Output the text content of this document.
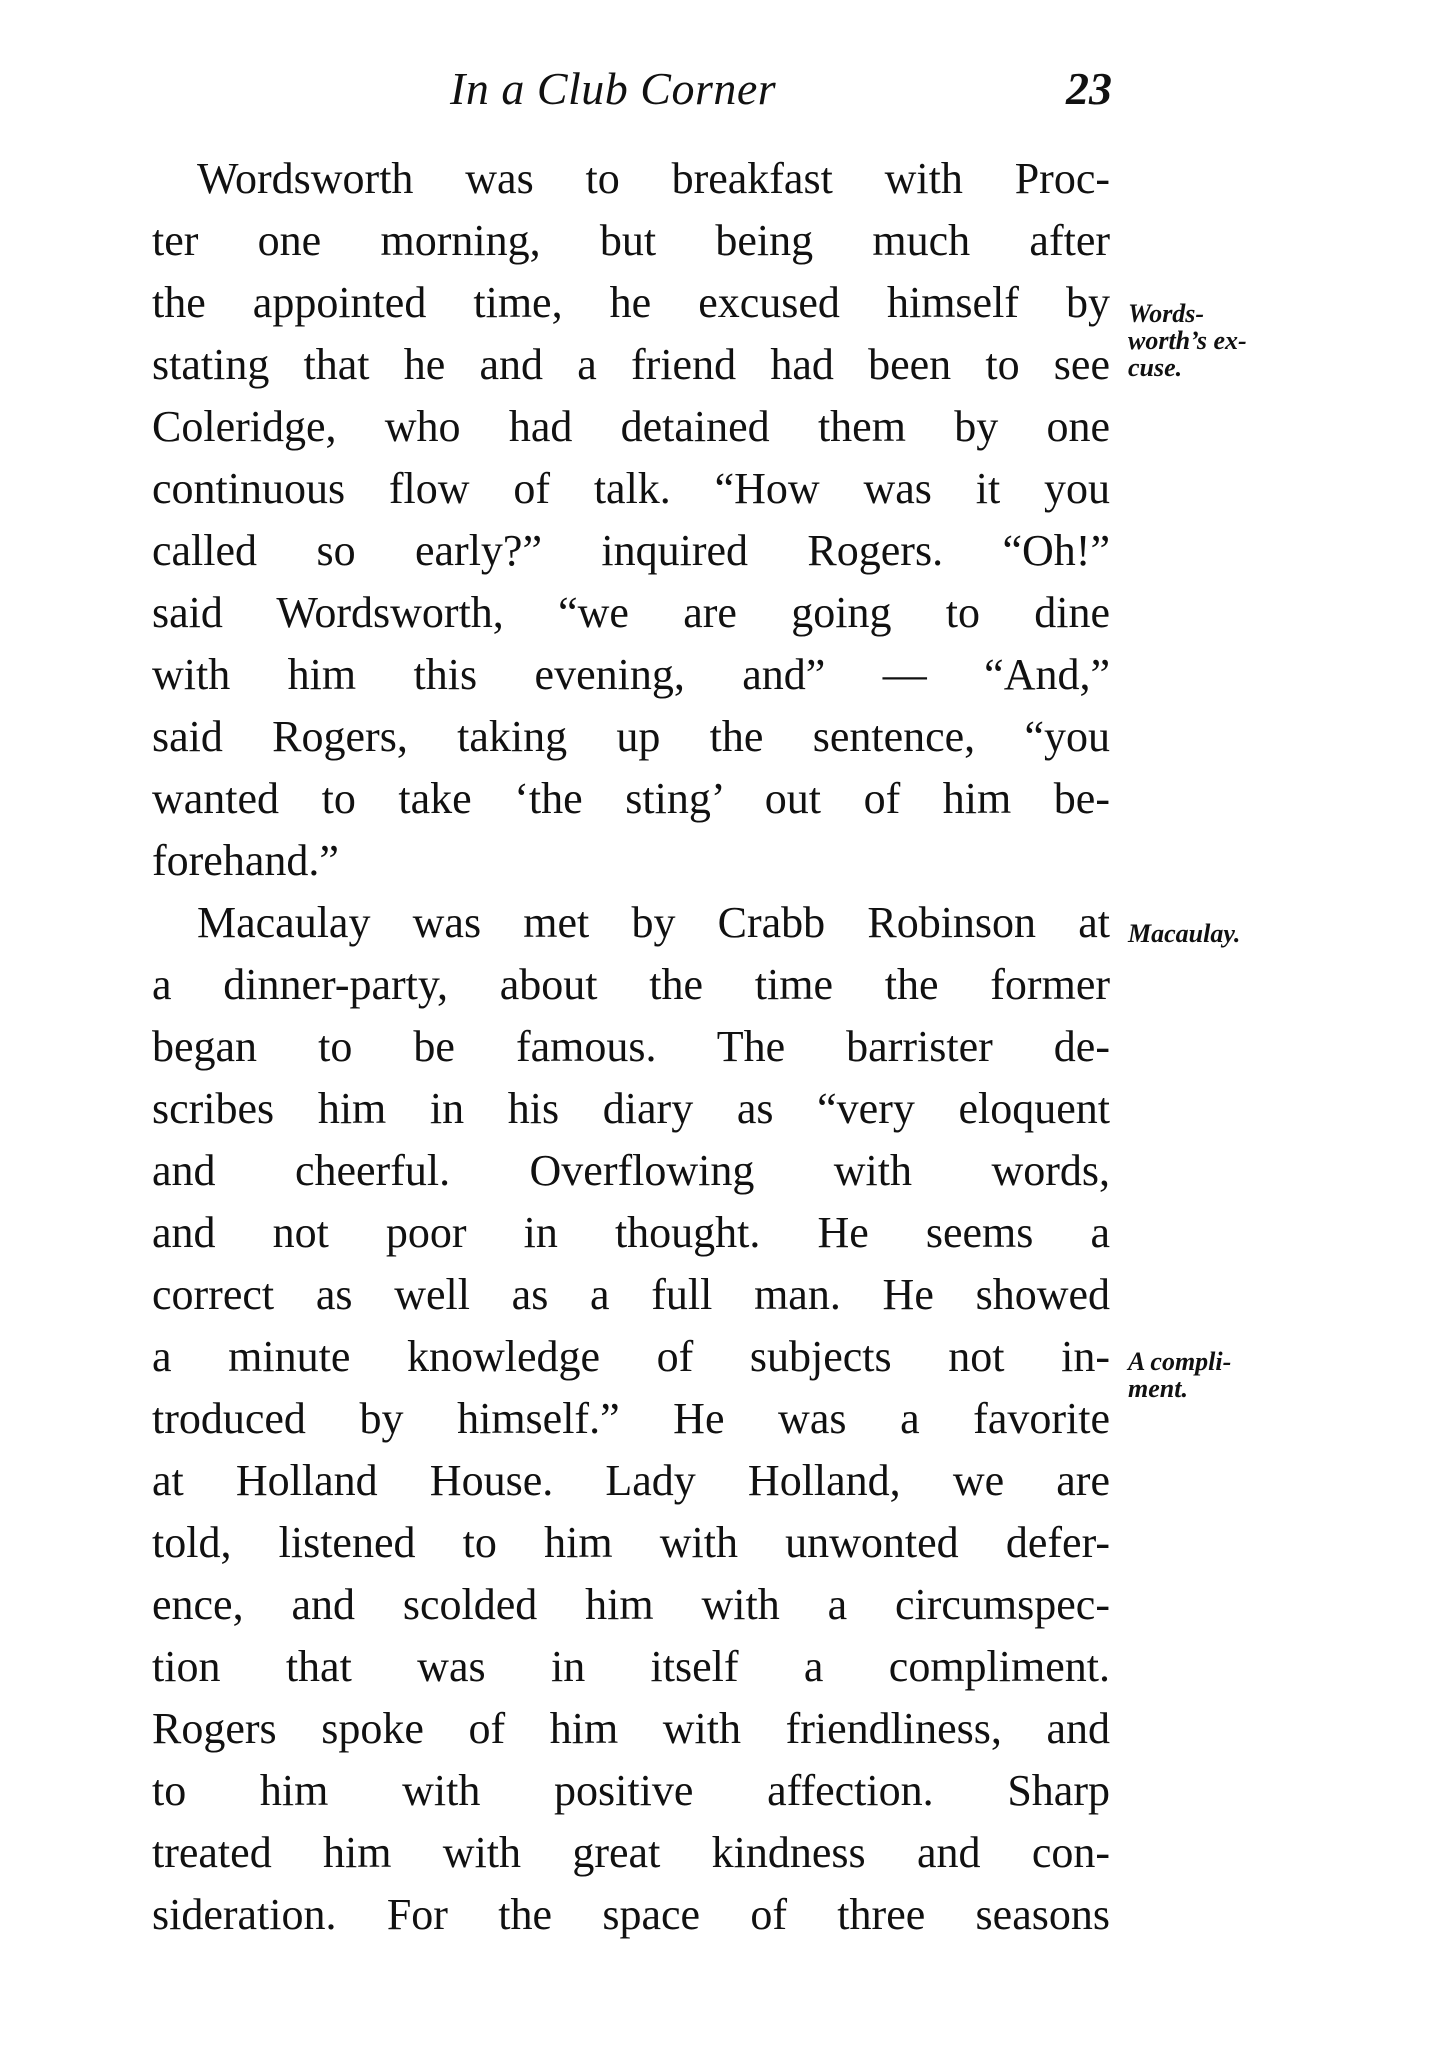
In a Club Corner	23
Wordsworth was to breakfast with Proc-
ter one morning, but being much after
the appointed time, he excused himself by
stating that he and a friend had been to see
Coleridge, who had detained them by one
continuous flow of talk. “How was it you
called so early?” inquired Rogers. “Oh!”
said Wordsworth, “we are going to dine
with him this evening, and” — “And,”
said Rogers, taking up the sentence, “you
wanted to take ‘the sting’ out of him be-
forehand.”
Macaulay was met by Crabb Robinson at
a dinner-party, about the time the former
began to be famous. The barrister de-
scribes him in his diary as “very eloquent
and cheerful. Overflowing with words,
and not poor in thought. He seems a
correct as well as a full man. He showed
a minute knowledge of subjects not in-
troduced by himself.” He was a favorite
at Holland House. Lady Holland, we are
told, listened to him with unwonted defer-
ence, and scolded him with a circumspec-
tion that was in itself a compliment.
Rogers spoke of him with friendliness, and
to him with positive affection. Sharp
treated him with great kindness and con-
sideration. For the space of three seasons
Words-
worth’s ex-
cuse.
Macaulay.
A compli-
ment.
